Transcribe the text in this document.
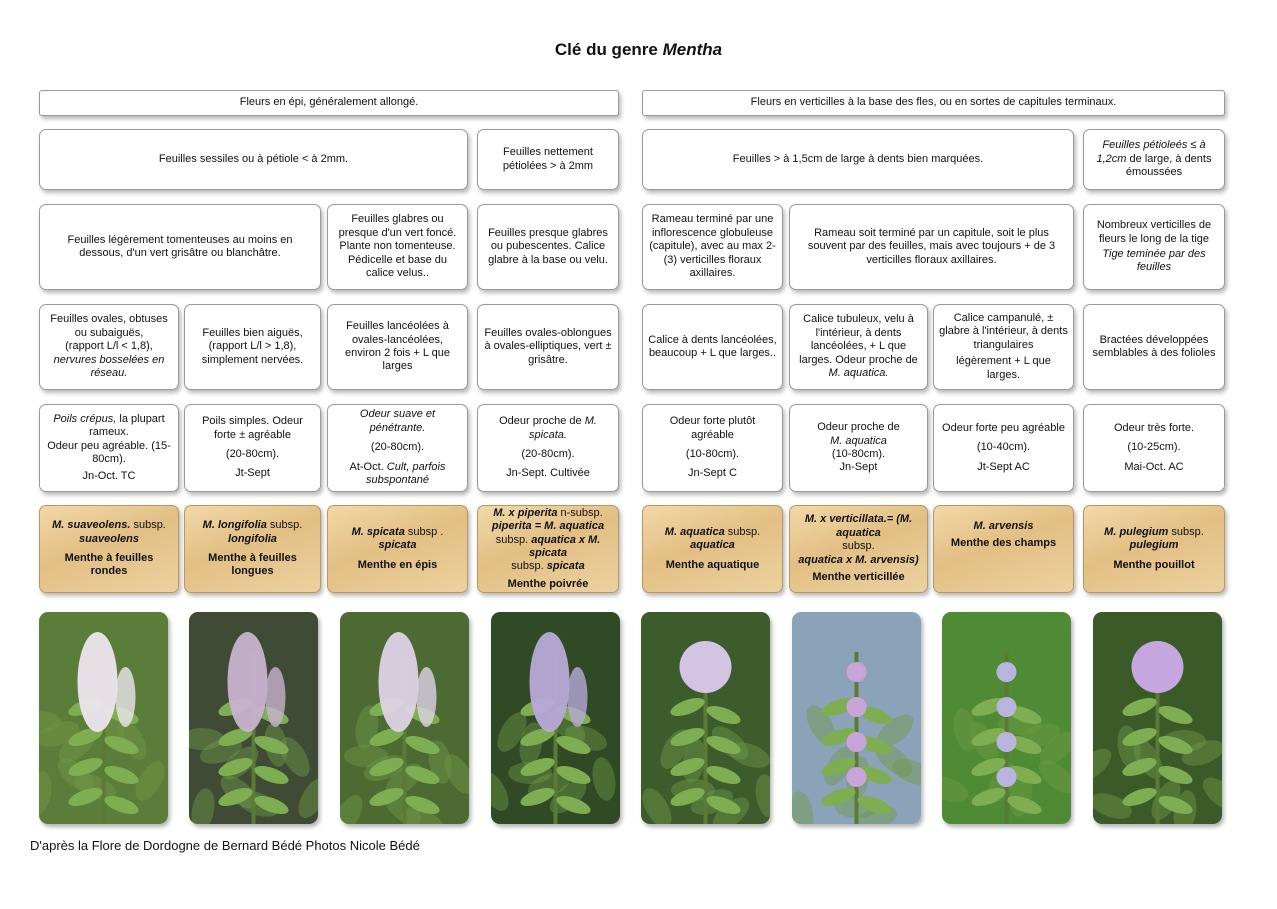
Clé du genre Mentha
Fleurs en épi, généralement allongé.	Fleurs en verticilles à la base des fles, ou en sortes de capitules terminaux.
Feuilles sessiles ou à pétiole < à 2mm.
Feuilles nettement pétiolées > à 2mm
Feuilles > à 1,5cm de large à dents bien marquées.
Feuilles pétioleés ≤ à 1,2cm de large, à dents émoussées
Feuilles légèrement tomenteuses au moins en dessous, d'un vert grisâtre ou blanchâtre.
Feuilles glabres ou presque d'un vert foncé. Plante non tomenteuse. Pédicelle et base du calice velus..
Feuilles presque glabres ou pubescentes. Calice glabre à la base ou velu.
Rameau terminé par une inflorescence globuleuse (capitule), avec au max 2-(3) verticilles floraux axillaires.
Rameau soit terminé par un capitule, soit le plus souvent par des feuilles, mais avec toujours + de 3 verticilles floraux axillaires.
Nombreux verticilles de fleurs le long de la tige
Tige teminée par des feuilles
Feuilles ovales, obtuses ou subaiguës,
(rapport L/l < 1,8),
nervures bosselées en réseau.
Feuilles bien aiguës, (rapport L/l > 1,8), simplement nervées.
Feuilles lancéolées à ovales-lancéolées, environ 2 fois + L que larges
Feuilles ovales-oblongues à ovales-elliptiques, vert ± grisâtre.
Calice à dents lancéolées, beaucoup + L que larges..
Calice tubuleux, velu à l'intérieur, à dents lancéolées, + L que
larges. Odeur proche de
M. aquatica.
Calice campanulé, ± glabre à l'intérieur, à dents triangulaires
légèrement + L que larges.
Bractées développées semblables à des folioles
Poils crépus, la plupart rameux.
Odeur peu agréable. (15-80cm).
Jn-Oct. TC
Poils simples. Odeur forte ± agréable
(20-80cm).
Jt-Sept
Odeur suave et pénétrante.
(20-80cm).
At-Oct. Cult, parfois subspontané
Odeur proche de M. spicata.
(20-80cm).
Jn-Sept. Cultivée
Odeur forte plutôt agréable
(10-80cm).
Jn-Sept C
Odeur proche de
M. aquatica
(10-80cm).
Jn-Sept
Odeur forte peu agréable
(10-40cm).
Jt-Sept AC
Odeur très forte.
(10-25cm).
Mai-Oct. AC
M. suaveolens. subsp.
suaveolens
Menthe à feuilles rondes
M. longifolia subsp.
longifolia
Menthe à feuilles longues
M. spicata subsp .
spicata
Menthe en épis
M. x piperita n-subsp.
piperita = M. aquatica
subsp. aquatica x M. spicata
subsp. spicata
Menthe poivrée
M. aquatica subsp.
aquatica
Menthe aquatique
M. x verticillata.= (M. aquatica
subsp.
aquatica x M. arvensis)
Menthe verticillée
M. arvensis
Menthe des champs
M. pulegium subsp.
pulegium
Menthe pouillot
D'après la Flore de Dordogne de Bernard Bédé Photos Nicole Bédé
